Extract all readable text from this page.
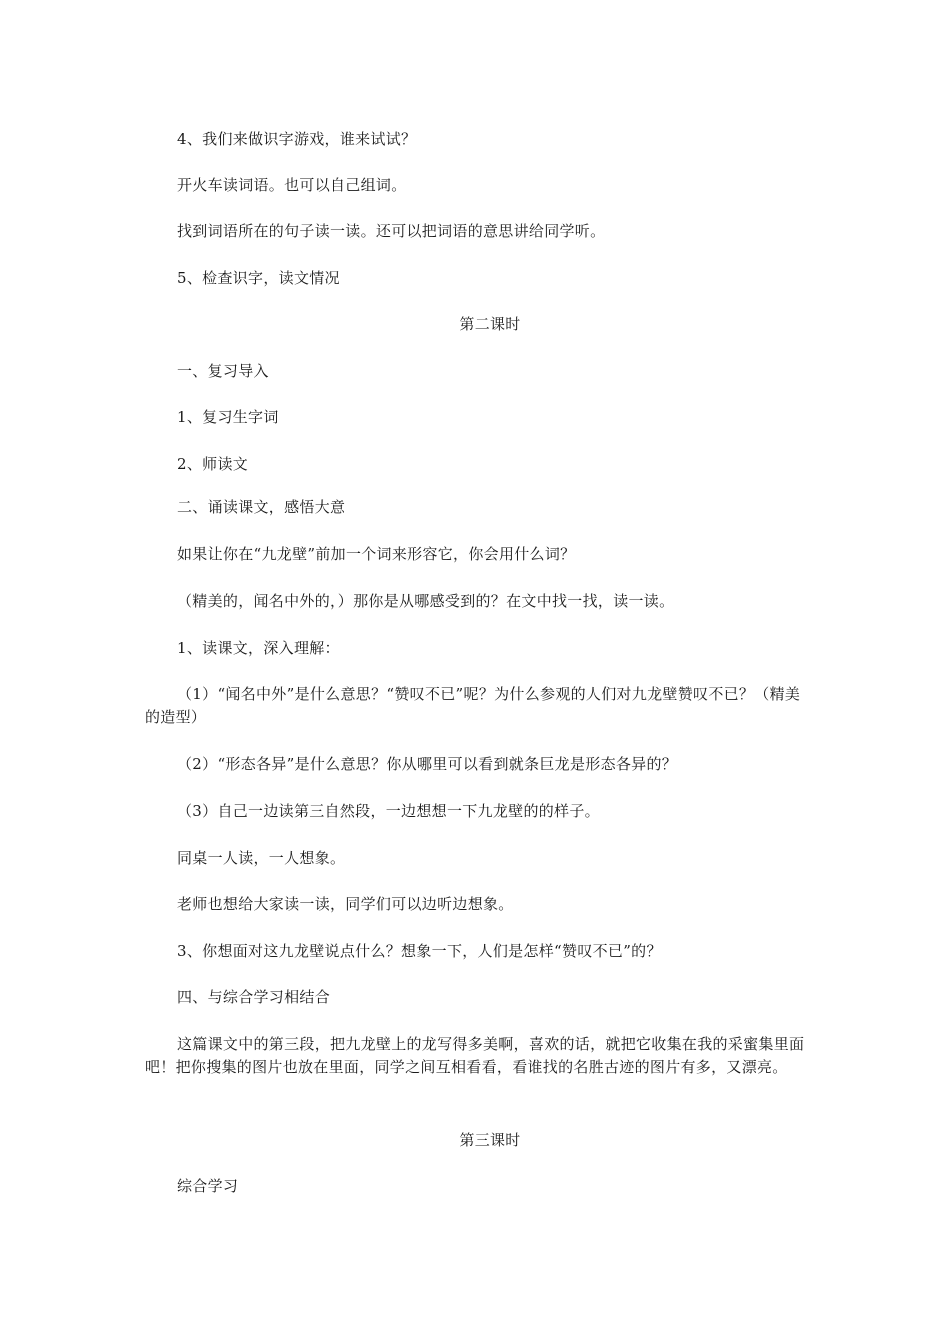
4、我们来做识字游戏，谁来试试？
开火车读词语。也可以自己组词。
找到词语所在的句子读一读。还可以把词语的意思讲给同学听。
5、检查识字，读文情况
第二课时
一、复习导入
1、复习生字词
2、师读文
二、诵读课文，感悟大意
如果让你在“九龙壁”前加一个词来形容它，你会用什么词？
（精美的，闻名中外的，）那你是从哪感受到的？在文中找一找，读一读。
1、读课文，深入理解：
（1）“闻名中外”是什么意思？“赞叹不已”呢？为什么参观的人们对九龙壁赞叹不已？（精美的造型）
（2）“形态各异”是什么意思？你从哪里可以看到就条巨龙是形态各异的？
（3）自己一边读第三自然段，一边想想一下九龙壁的的样子。
同桌一人读，一人想象。
老师也想给大家读一读，同学们可以边听边想象。
3、你想面对这九龙壁说点什么？想象一下，人们是怎样“赞叹不已”的？
四、与综合学习相结合
这篇课文中的第三段，把九龙壁上的龙写得多美啊，喜欢的话，就把它收集在我的采蜜集里面吧！把你搜集的图片也放在里面，同学之间互相看看，看谁找的名胜古迹的图片有多，又漂亮。
第三课时
综合学习
